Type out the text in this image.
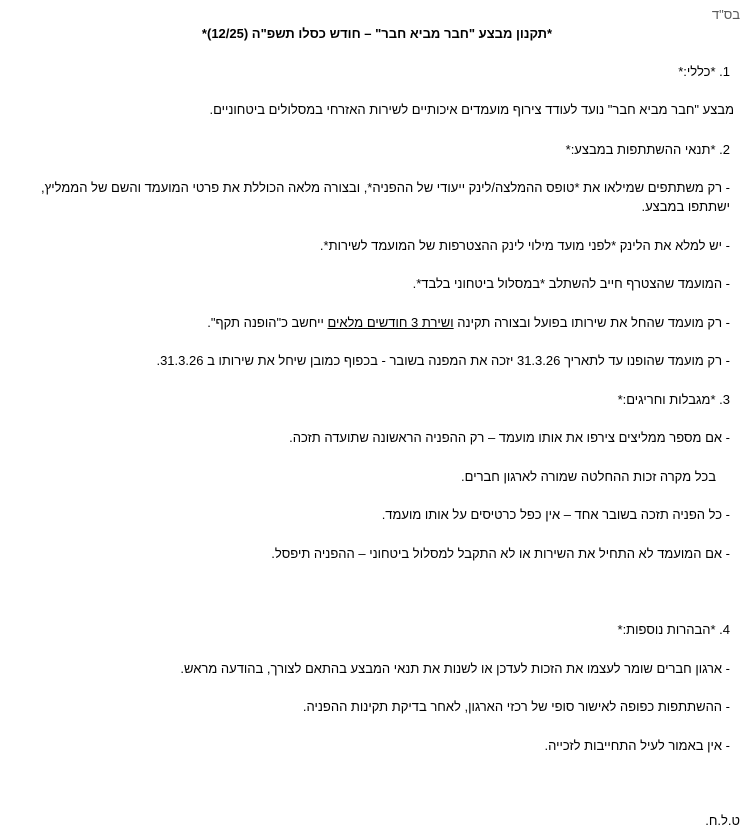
בס"ד
*תקנון מבצע "חבר מביא חבר" – חודש כסלו תשפ"ה (12/25)*
1. *כללי:*
מבצע "חבר מביא חבר" נועד לעודד צירוף מועמדים איכותיים לשירות האזרחי במסלולים ביטחוניים.
2. *תנאי ההשתתפות במבצע:*
- רק משתתפים שמילאו את *טופס ההמלצה/לינק ייעודי של ההפניה*, ובצורה מלאה הכוללת את פרטי המועמד והשם של הממליץ, ישתתפו במבצע.
- יש למלא את הלינק *לפני מועד מילוי לינק ההצטרפות של המועמד לשירות*.
- המועמד שהצטרף חייב להשתלב *במסלול ביטחוני בלבד*.
- רק מועמד שהחל את שירותו בפועל ובצורה תקינה ושירת 3 חודשים מלאים ייחשב כ"הופנה תקף".
- רק מועמד שהופנו עד לתאריך 31.3.26 יזכה את המפנה בשובר - בכפוף כמובן שיחל את שירותו ב 31.3.26.
3. *מגבלות וחריגים:*
- אם מספר ממליצים צירפו את אותו מועמד – רק ההפניה הראשונה שתועדה תזכה.
בכל מקרה זכות ההחלטה שמורה לארגון חברים.
- כל הפניה תזכה בשובר אחד – אין כפל כרטיסים על אותו מועמד.
- אם המועמד לא התחיל את השירות או לא התקבל למסלול ביטחוני – ההפניה תיפסל.
4. *הבהרות נוספות:*
- ארגון חברים שומר לעצמו את הזכות לעדכן או לשנות את תנאי המבצע בהתאם לצורך, בהודעה מראש.
- ההשתתפות כפופה לאישור סופי של רכזי הארגון, לאחר בדיקת תקינות ההפניה.
- אין באמור לעיל התחייבות לזכייה.
ט.ל.ח.
